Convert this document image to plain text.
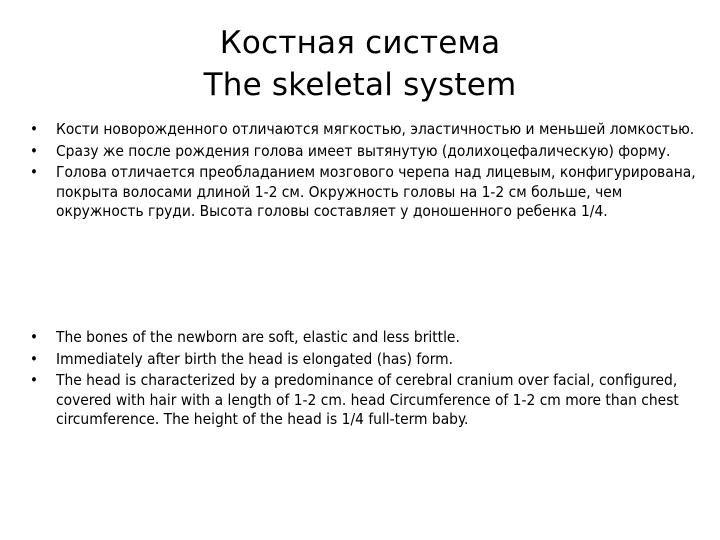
Костная система
The skeletal system
• Кости новорожденного отличаются мягкостью, эластичностью и меньшей ломкостью.
• Сразу же после рождения голова имеет вытянутую (долихоцефалическую) форму.
• Голова отличается преобладанием мозгового черепа над лицевым, конфигурирована, покрыта волосами длиной 1-2 см. Окружность головы на 1-2 см больше, чем окружность груди. Высота головы составляет у доношенного ребенка 1/4.
• The bones of the newborn are soft, elastic and less brittle.
• Immediately after birth the head is elongated (has) form.
• The head is characterized by a predominance of cerebral cranium over facial, configured, covered with hair with a length of 1-2 cm. head Circumference of 1-2 cm more than chest circumference. The height of the head is 1/4 full-term baby.
